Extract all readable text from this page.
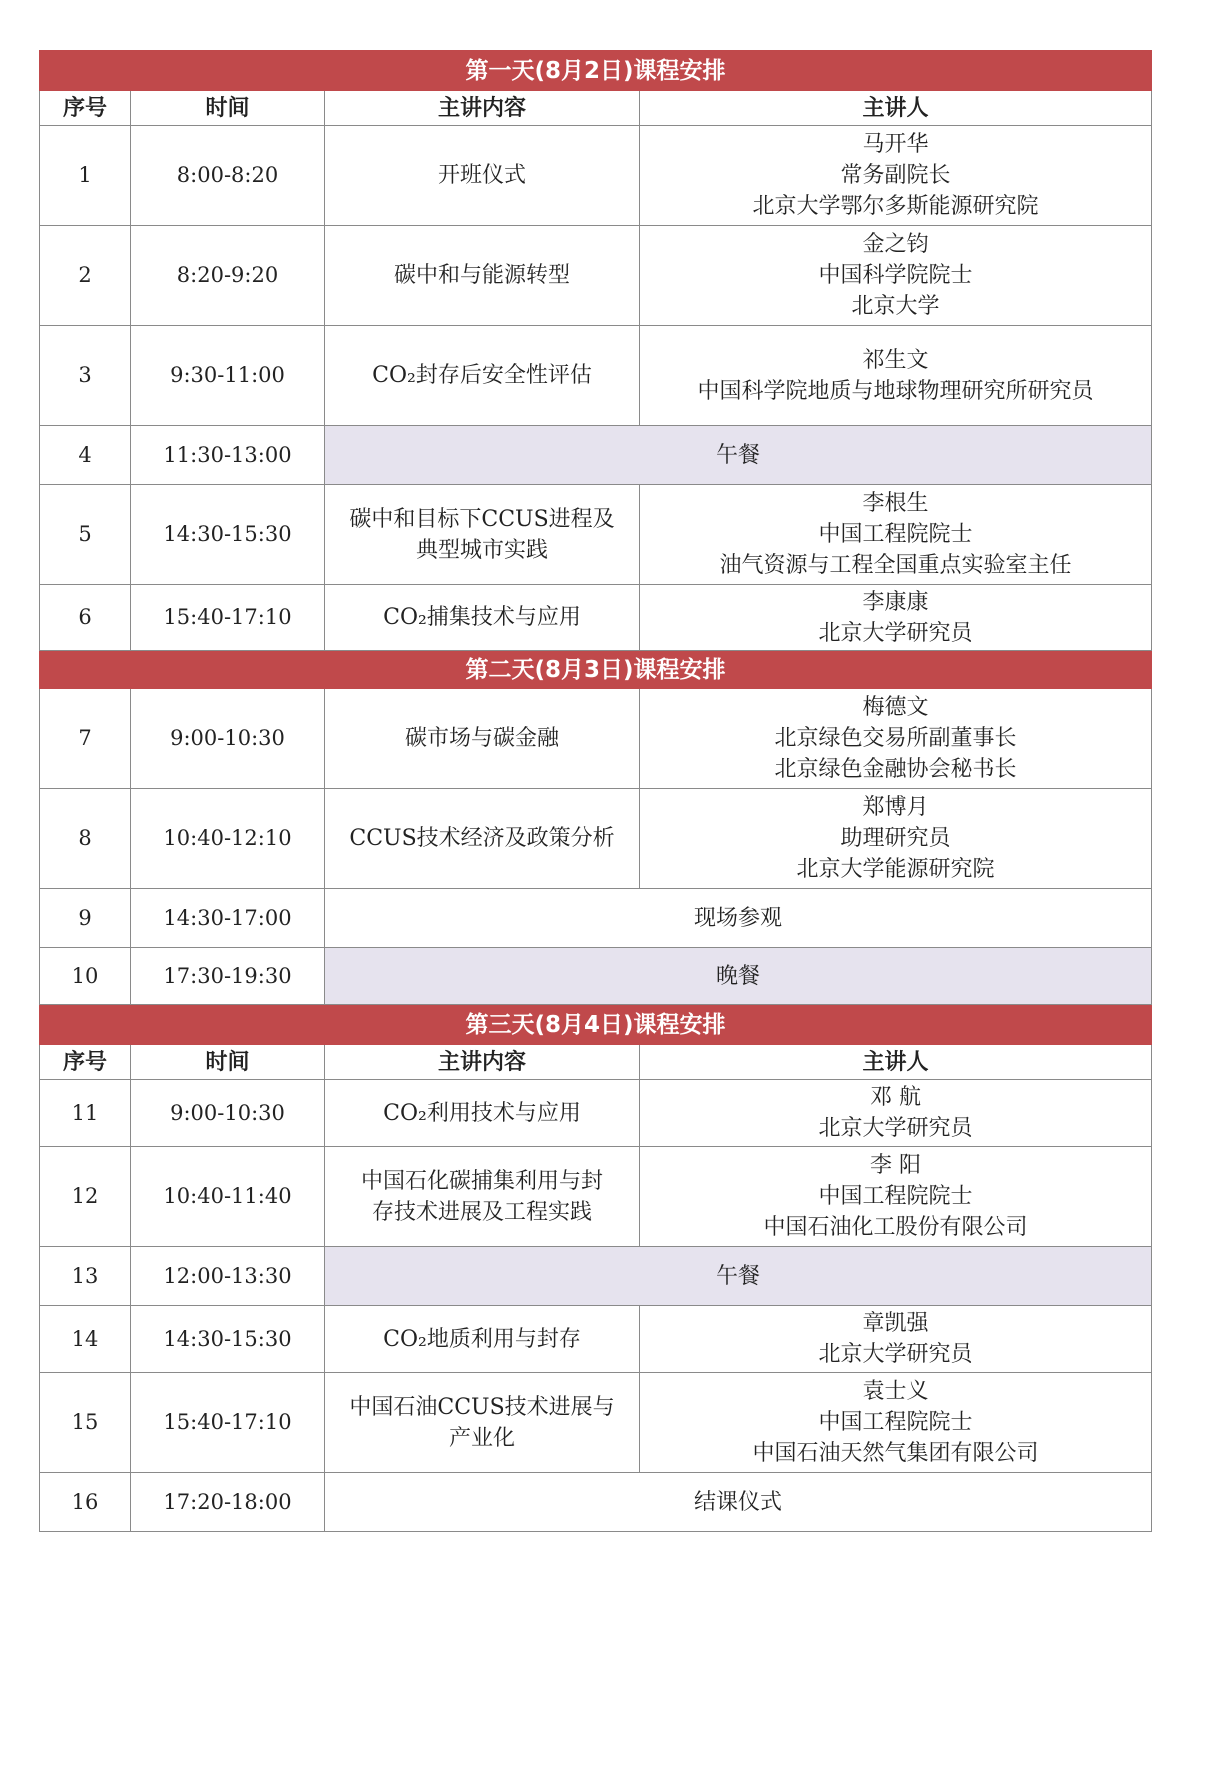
第一天(8月2日)课程安排			
序号	时间	主讲内容	主讲人
1	8:00-8:20	开班仪式	马开华
常务副院长
北京大学鄂尔多斯能源研究院

2	8:20-9:20	碳中和与能源转型	金之钧
中国科学院院士
北京大学

3	9:30-11:00	CO₂封存后安全性评估	祁生文
中国科学院地质与地球物理研究所研究员

4	11:30-13:00	午餐	
5	14:30-15:30	碳中和目标下CCUS进程及
典型城市实践	李根生
中国工程院院士
油气资源与工程全国重点实验室主任

6	15:40-17:10	CO₂捕集技术与应用	李康康
北京大学研究员

第二天(8月3日)课程安排			
7	9:00-10:30	碳市场与碳金融	梅德文
北京绿色交易所副董事长
北京绿色金融协会秘书长

8	10:40-12:10	CCUS技术经济及政策分析	郑博月
助理研究员
北京大学能源研究院

9	14:30-17:00	现场参观	
10	17:30-19:30	晚餐	
第三天(8月4日)课程安排			
序号	时间	主讲内容	主讲人
11	9:00-10:30	CO₂利用技术与应用	邓 航
北京大学研究员

12	10:40-11:40	中国石化碳捕集利用与封
存技术进展及工程实践	李 阳
中国工程院院士
中国石油化工股份有限公司

13	12:00-13:30	午餐	
14	14:30-15:30	CO₂地质利用与封存	章凯强
北京大学研究员

15	15:40-17:10	中国石油CCUS技术进展与
产业化	袁士义
中国工程院院士
中国石油天然气集团有限公司

16	17:20-18:00	结课仪式	
